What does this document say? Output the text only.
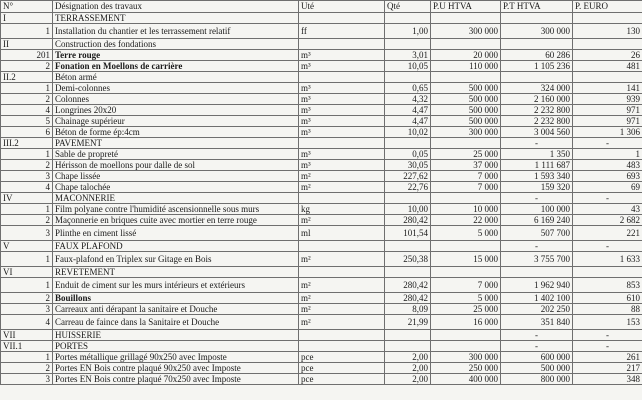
N°	Désignation des travaux	Uté	Qté	P.U HTVA	P.T HTVA	P. EURO
I	TERRASSEMENT					
1	Installation du chantier et les terrassement relatif	ff	1,00	300 000	300 000	130
II	Construction des fondations					
201	Terre rouge	m³	3,01	20 000	60 286	26
2	Fonation en Moellons de carrière	m³	10,05	110 000	1 105 236	481
II.2	Béton armé					
1	Demi-colonnes	m³	0,65	500 000	324 000	141
2	Colonnes	m³	4,32	500 000	2 160 000	939
4	Longrines 20x20	m³	4,47	500 000	2 232 800	971
5	Chainage supérieur	m³	4,47	500 000	2 232 800	971
6	Béton de forme ép:4cm	m³	10,02	300 000	3 004 560	1 306
III.2	PAVEMENT				-	-
1	Sable de propreté	m³	0,05	25 000	1 350	1
2	Hérisson de moellons pour dalle de sol	m³	30,05	37 000	1 111 687	483
3	Chape lissée	m²	227,62	7 000	1 593 340	693
4	Chape talochée	m²	22,76	7 000	159 320	69
IV	MACONNERIE				-	-
1	Film polyane contre l'humidité ascensionnelle sous murs	kg	10,00	10 000	100 000	43
2	Maçonnerie en briques cuite avec mortier en terre rouge	m²	280,42	22 000	6 169 240	2 682
3	Plinthe en ciment lissé	ml	101,54	5 000	507 700	221
V	FAUX PLAFOND				-	-
1	Faux-plafond en Triplex sur Gitage en Bois	m²	250,38	15 000	3 755 700	1 633
VI	REVETEMENT					
1	Enduit de ciment sur les murs intérieurs et extérieurs	m²	280,42	7 000	1 962 940	853
2	Bouillons	m²	280,42	5 000	1 402 100	610
3	Carreaux anti dérapant la sanitaire et Douche	m²	8,09	25 000	202 250	88
4	Carreau de faince dans la Sanitaire et Douche	m²	21,99	16 000	351 840	153
VII	HUISSERIE				-	-
VII.1	PORTES				-	-
1	Portes métallique grillagé 90x250 avec Imposte	pce	2,00	300 000	600 000	261
2	Portes EN Bois contre plaqué 90x250 avec Imposte	pce	2,00	250 000	500 000	217
3	Portes EN Bois contre plaqué 70x250 avec Imposte	pce	2,00	400 000	800 000	348
